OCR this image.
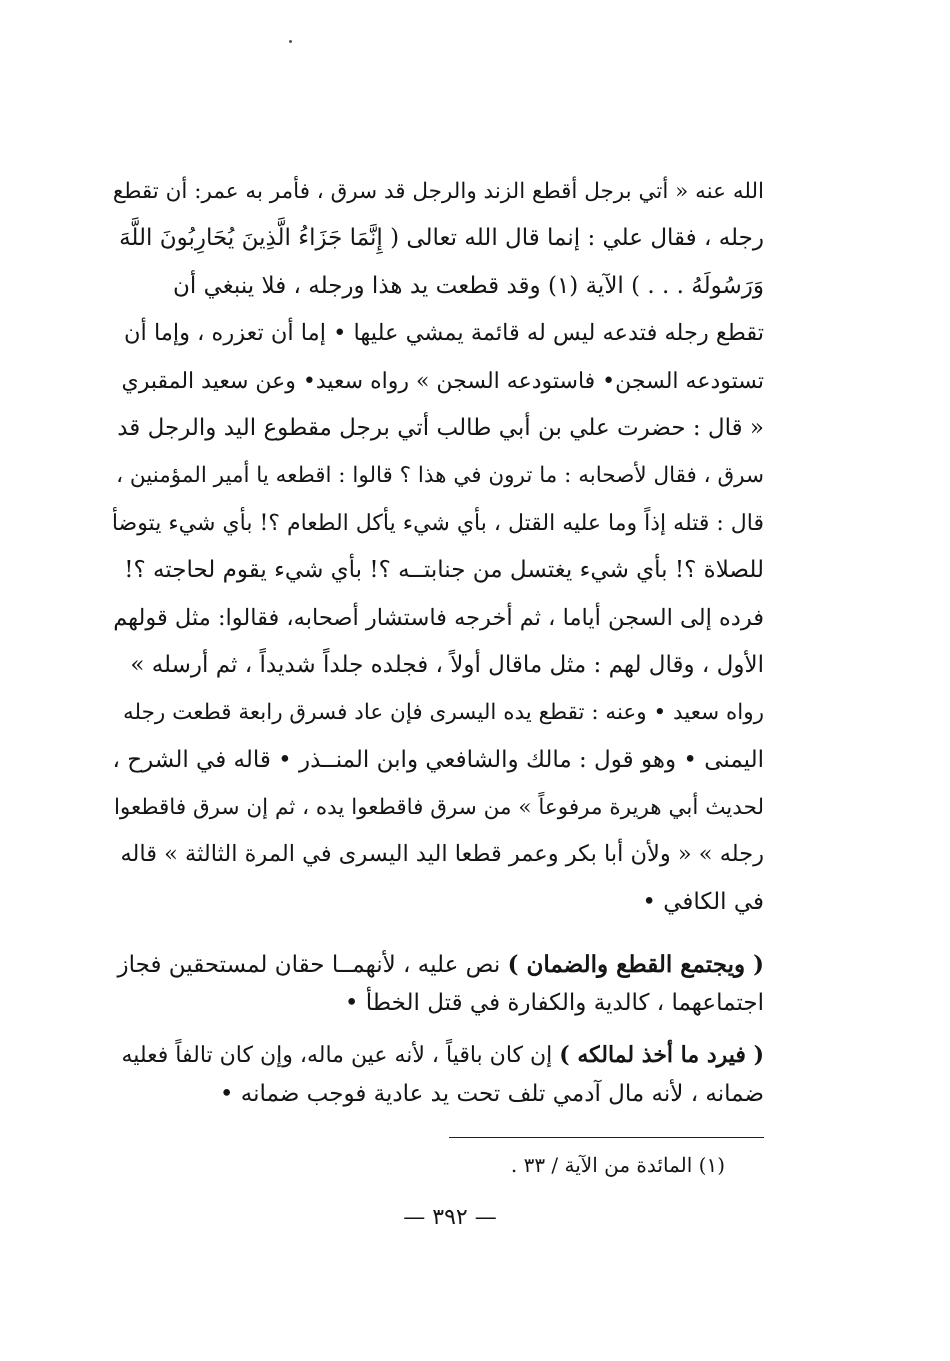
الله عنه « أتي برجل أقطع الزند والرجل قد سرق ، فأمر به عمر: أن تقطع
رجله ، فقال علي : إنما قال الله تعالى ( إِنَّمَا جَزَاءُ الَّذِينَ يُحَارِبُونَ اللَّهَ
وَرَسُولَهُ . . . ) الآية (١) وقد قطعت يد هذا ورجله ، فلا ينبغي أن
تقطع رجله فتدعه ليس له قائمة يمشي عليها • إما أن تعزره ، وإما أن
تستودعه السجن• فاستودعه السجن » رواه سعيد• وعن سعيد المقبري
« قال : حضرت علي بن أبي طالب أتي برجل مقطوع اليد والرجل قد
سرق ، فقال لأصحابه : ما ترون في هذا ؟ قالوا : اقطعه يا أمير المؤمنين ،
قال : قتله إذاً وما عليه القتل ، بأي شيء يأكل الطعام ؟! بأي شيء يتوضأ
للصلاة ؟! بأي شيء يغتسل من جنابتــه ؟! بأي شيء يقوم لحاجته ؟!
فرده إلى السجن أياما ، ثم أخرجه فاستشار أصحابه، فقالوا: مثل قولهم
الأول ، وقال لهم : مثل ماقال أولاً ، فجلده جلداً شديداً ، ثم أرسله »
رواه سعيد • وعنه : تقطع يده اليسرى فإن عاد فسرق رابعة قطعت رجله
اليمنى • وهو قول : مالك والشافعي وابن المنــذر • قاله في الشرح ،
لحديث أبي هريرة مرفوعاً » من سرق فاقطعوا يده ، ثم إن سرق فاقطعوا
رجله » « ولأن أبا بكر وعمر قطعا اليد اليسرى في المرة الثالثة » قاله
في الكافي •
( ويجتمع القطع والضمان ) نص عليه ، لأنهمــا حقان لمستحقين فجاز
اجتماعهما ، كالدية والكفارة في قتل الخطأ •
( فيرد ما أخذ لمالكه ) إن كان باقياً ، لأنه عين ماله، وإن كان تالفاً فعليه
ضمانه ، لأنه مال آدمي تلف تحت يد عادية فوجب ضمانه •
(١) المائدة من الآية / ٣٣ .
— ٣٩٢ —
